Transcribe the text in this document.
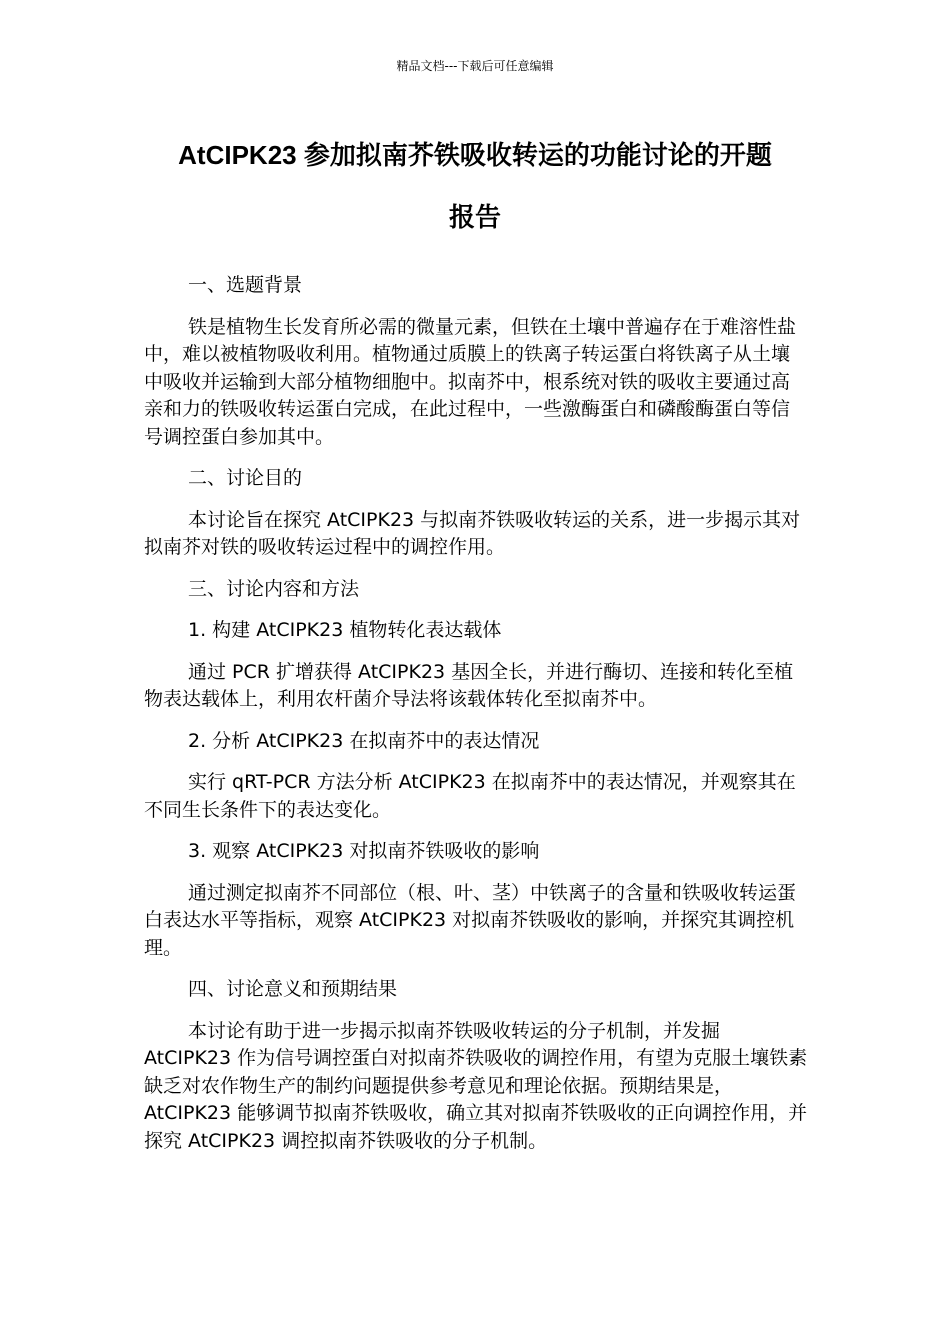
精品文档---下载后可任意编辑
AtCIPK23 参加拟南芥铁吸收转运的功能讨论的开题
报告

一、选题背景

铁是植物生长发育所必需的微量元素，但铁在土壤中普遍存在于难溶性盐中，难以被植物吸收利用。植物通过质膜上的铁离子转运蛋白将铁离子从土壤中吸收并运输到大部分植物细胞中。拟南芥中，根系统对铁的吸收主要通过高亲和力的铁吸收转运蛋白完成，在此过程中，一些激酶蛋白和磷酸酶蛋白等信号调控蛋白参加其中。

二、讨论目的

本讨论旨在探究 AtCIPK23 与拟南芥铁吸收转运的关系，进一步揭示其对拟南芥对铁的吸收转运过程中的调控作用。

三、讨论内容和方法

1. 构建 AtCIPK23 植物转化表达载体

通过 PCR 扩增获得 AtCIPK23 基因全长，并进行酶切、连接和转化至植物表达载体上，利用农杆菌介导法将该载体转化至拟南芥中。

2. 分析 AtCIPK23 在拟南芥中的表达情况

实行 qRT-PCR 方法分析 AtCIPK23 在拟南芥中的表达情况，并观察其在不同生长条件下的表达变化。

3. 观察 AtCIPK23 对拟南芥铁吸收的影响

通过测定拟南芥不同部位（根、叶、茎）中铁离子的含量和铁吸收转运蛋白表达水平等指标，观察 AtCIPK23 对拟南芥铁吸收的影响，并探究其调控机理。

四、讨论意义和预期结果

本讨论有助于进一步揭示拟南芥铁吸收转运的分子机制，并发掘 AtCIPK23 作为信号调控蛋白对拟南芥铁吸收的调控作用，有望为克服土壤铁素缺乏对农作物生产的制约问题提供参考意见和理论依据。预期结果是，AtCIPK23 能够调节拟南芥铁吸收，确立其对拟南芥铁吸收的正向调控作用，并探究 AtCIPK23 调控拟南芥铁吸收的分子机制。
